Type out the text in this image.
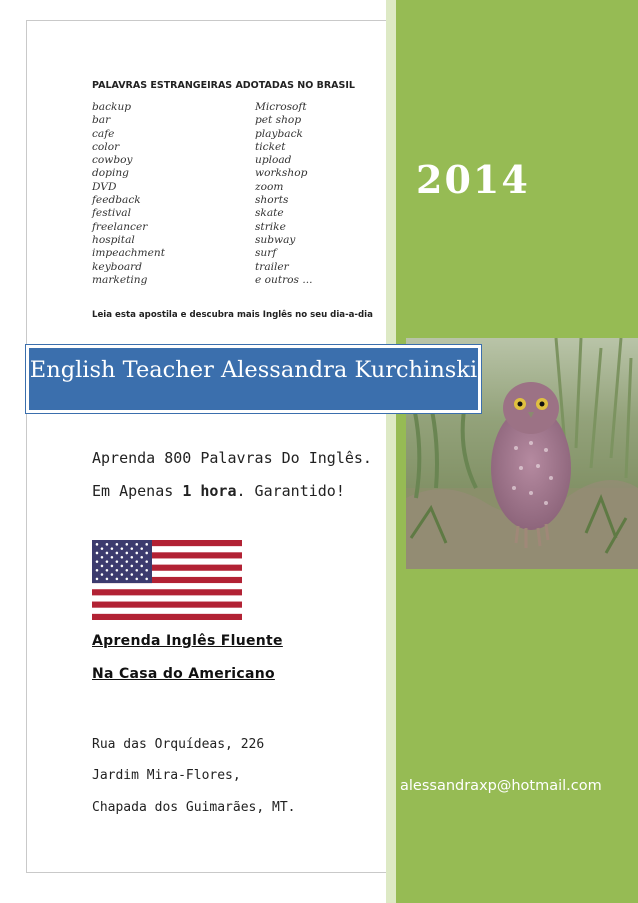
2014
PALAVRAS ESTRANGEIRAS ADOTADAS NO BRASIL
backup
bar
cafe
color
cowboy
doping
DVD
feedback
festival
freelancer
hospital
impeachment
keyboard
marketing
Microsoft
pet shop
playback
ticket
upload
workshop
zoom
shorts
skate
strike
subway
surf
trailer
e outros ...
Leia esta apostila e descubra mais Inglês no seu dia-a-dia
English Teacher Alessandra Kurchinski
Aprenda 800 Palavras Do Inglês.
Em Apenas 1 hora. Garantido!
Aprenda Inglês Fluente
Na Casa do Americano
Rua das Orquídeas, 226
Jardim Mira-Flores,
Chapada dos Guimarães, MT.
alessandraxp@hotmail.com
